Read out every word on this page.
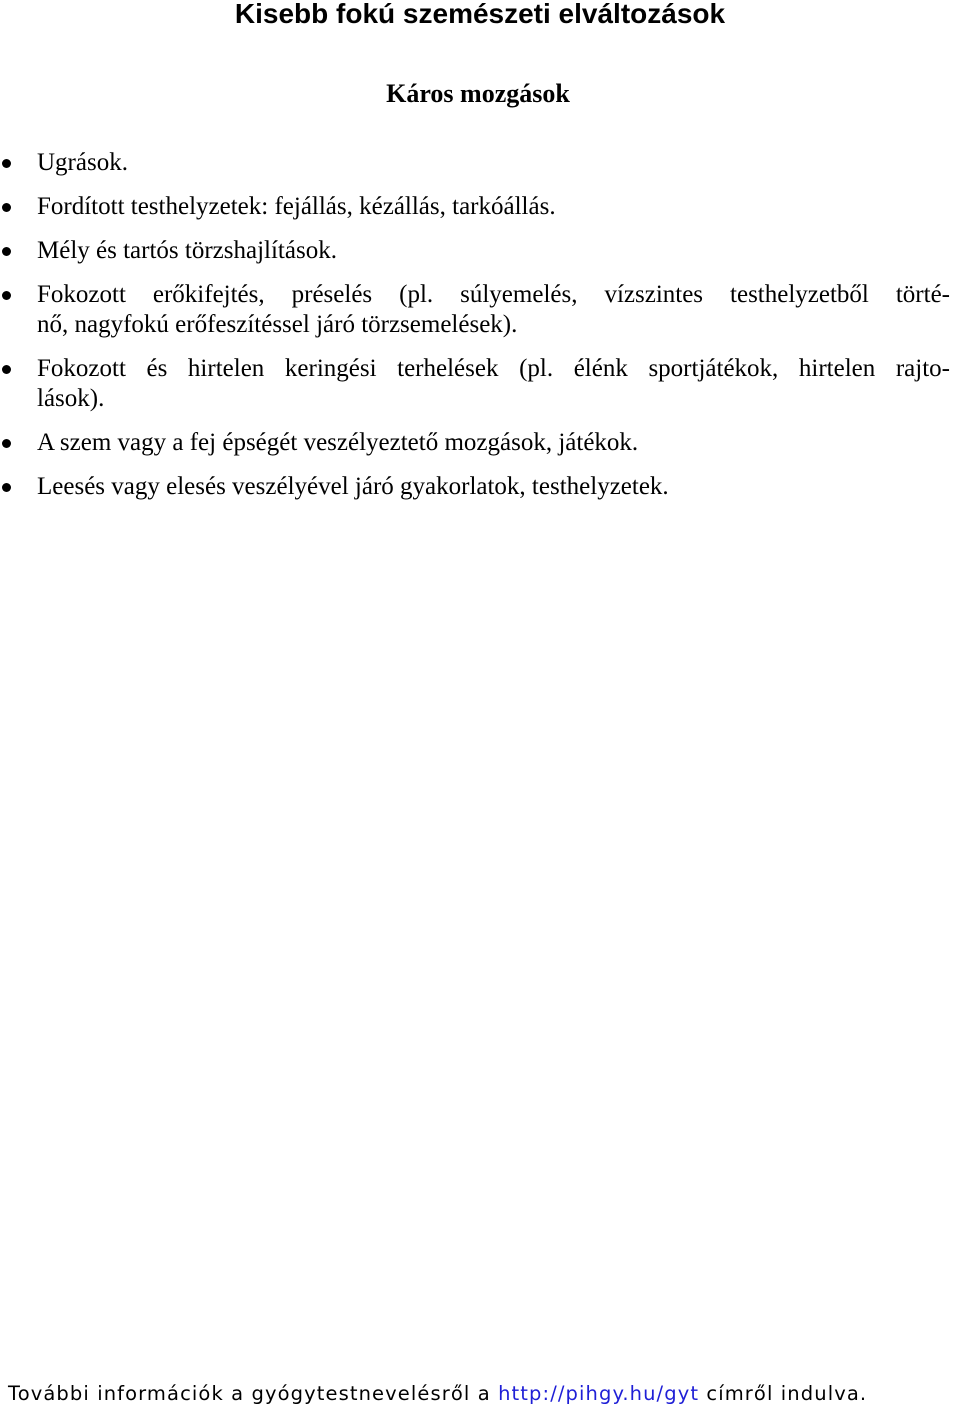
Kisebb fokú szemészeti elváltozások
Káros mozgások
Ugrások.
Fordított testhelyzetek: fejállás, kézállás, tarkóállás.
Mély és tartós törzshajlítások.
Fokozott erőkifejtés, préselés (pl. súlyemelés, vízszintes testhelyzetből törté-
nő, nagyfokú erőfeszítéssel járó törzsemelések).
Fokozott és hirtelen keringési terhelések (pl. élénk sportjátékok, hirtelen rajto-
lások).
A szem vagy a fej épségét veszélyeztető mozgások, játékok.
Leesés vagy elesés veszélyével járó gyakorlatok, testhelyzetek.
További információk a gyógytestnevelésről a http://pihgy.hu/gyt címről indulva.
